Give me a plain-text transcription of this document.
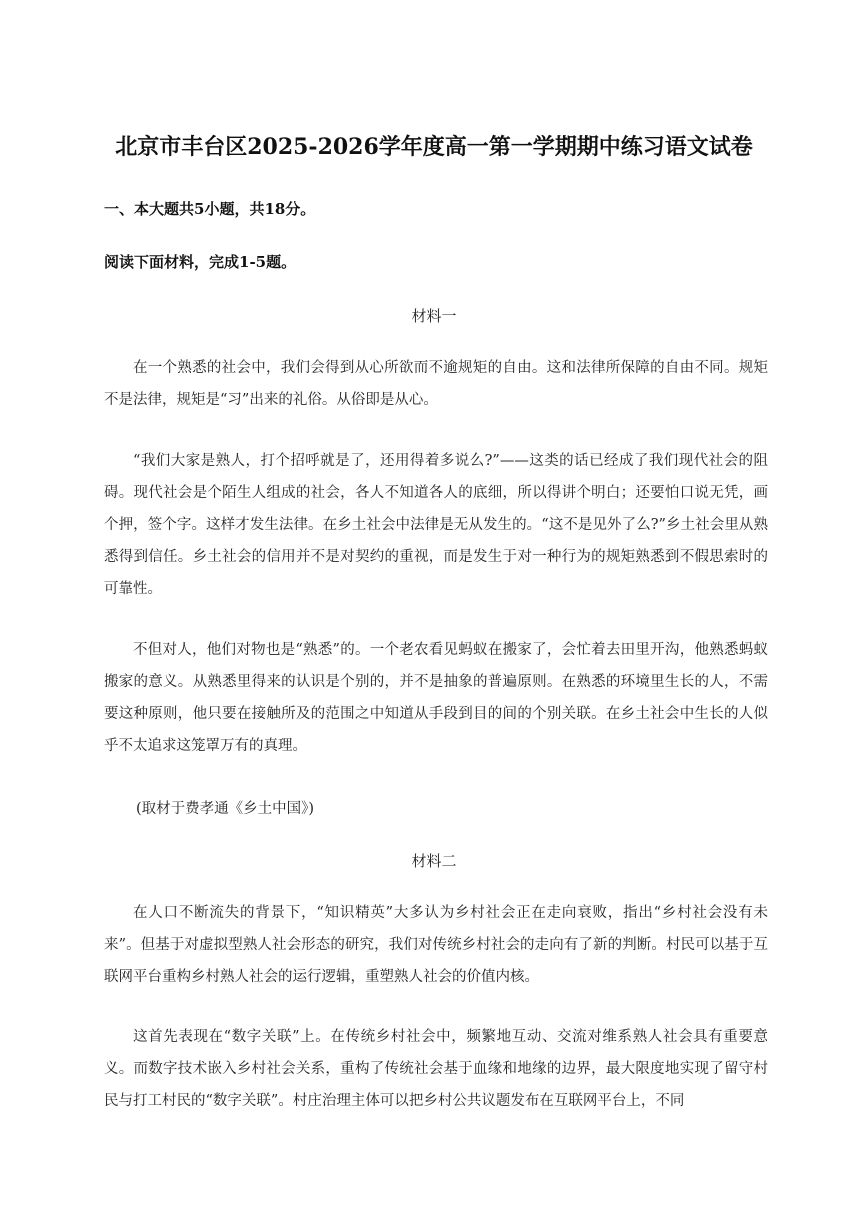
北京市丰台区2025-2026学年度高一第一学期期中练习语文试卷
一、本大题共5小题，共18分。
阅读下面材料，完成1-5题。
材料一

在一个熟悉的社会中，我们会得到从心所欲而不逾规矩的自由。这和法律所保障的自由不同。规矩不是法律，规矩是“习”出来的礼俗。从俗即是从心。

“我们大家是熟人，打个招呼就是了，还用得着多说么?”——这类的话已经成了我们现代社会的阻碍。现代社会是个陌生人组成的社会，各人不知道各人的底细，所以得讲个明白；还要怕口说无凭，画个押，签个字。这样才发生法律。在乡土社会中法律是无从发生的。“这不是见外了么?”乡土社会里从熟悉得到信任。乡土社会的信用并不是对契约的重视，而是发生于对一种行为的规矩熟悉到不假思索时的可靠性。

不但对人，他们对物也是“熟悉”的。一个老农看见蚂蚁在搬家了，会忙着去田里开沟，他熟悉蚂蚁搬家的意义。从熟悉里得来的认识是个别的，并不是抽象的普遍原则。在熟悉的环境里生长的人，不需要这种原则，他只要在接触所及的范围之中知道从手段到目的间的个别关联。在乡土社会中生长的人似乎不太追求这笼罩万有的真理。

(取材于费孝通《乡土中国》)
材料二

在人口不断流失的背景下，“知识精英”大多认为乡村社会正在走向衰败，指出“乡村社会没有未来”。但基于对虚拟型熟人社会形态的研究，我们对传统乡村社会的走向有了新的判断。村民可以基于互联网平台重构乡村熟人社会的运行逻辑，重塑熟人社会的价值内核。

这首先表现在“数字关联”上。在传统乡村社会中，频繁地互动、交流对维系熟人社会具有重要意义。而数字技术嵌入乡村社会关系，重构了传统社会基于血缘和地缘的边界，最大限度地实现了留守村民与打工村民的“数字关联”。村庄治理主体可以把乡村公共议题发布在互联网平台上，不同
